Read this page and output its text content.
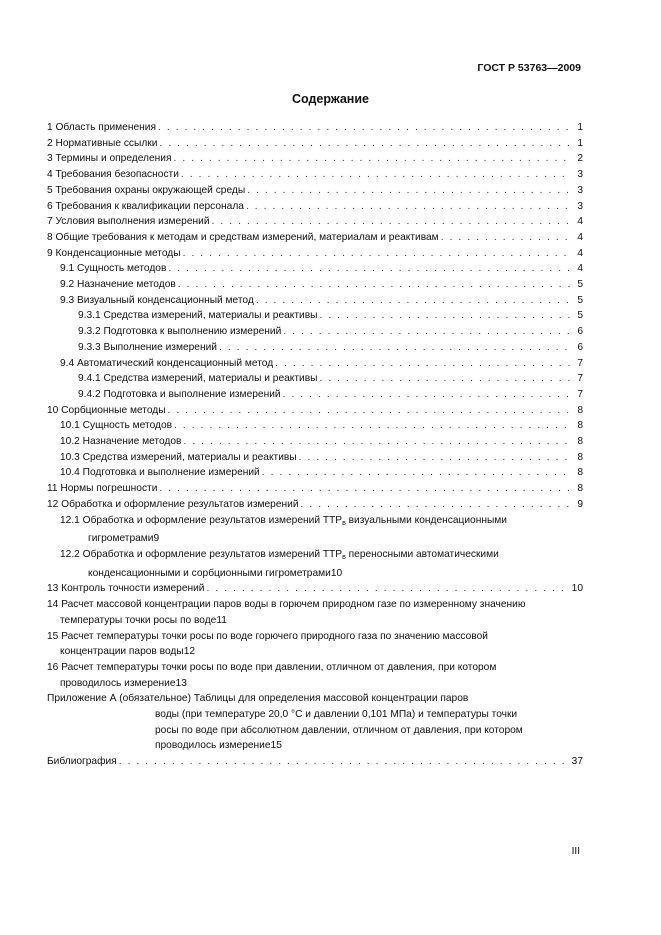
ГОСТ Р 53763—2009
Содержание
1 Область применения . . .	1
2 Нормативные ссылки . . .	1
3 Термины и определения . . .	2
4 Требования безопасности . . .	3
5 Требования охраны окружающей среды . . .	3
6 Требования к квалификации персонала . . .	3
7 Условия выполнения измерений . . .	4
8 Общие требования к методам и средствам измерений, материалам и реактивам . . .	4
9 Конденсационные методы . . .	4
9.1 Сущность методов . . .	4
9.2 Назначение методов . . .	5
9.3 Визуальный конденсационный метод . . .	5
9.3.1 Средства измерений, материалы и реактивы . . .	5
9.3.2 Подготовка к выполнению измерений . . .	6
9.3.3 Выполнение измерений . . .	6
9.4 Автоматический конденсационный метод . . .	7
9.4.1 Средства измерений, материалы и реактивы . . .	7
9.4.2 Подготовка и выполнение измерений . . .	7
10 Сорбционные методы . . .	8
10.1 Сущность методов . . .	8
10.2 Назначение методов . . .	8
10.3 Средства измерений, материалы и реактивы . . .	8
10.4 Подготовка и выполнение измерений . . .	8
11 Нормы погрешности . . .	8
12 Обработка и оформление результатов измерений . . .	9
12.1 Обработка и оформление результатов измерений $ТТР_в$ визуальными конденсационными
гигрометрами 9
12.2 Обработка и оформление результатов измерений $ТТР_в$ переносными автоматическими
конденсационными и сорбционными гигрометрами 10
13 Контроль точности измерений . . .	10
14 Расчет массовой концентрации паров воды в горючем природном газе по измеренному значению
температуры точки росы по воде 11
15 Расчет температуры точки росы по воде горючего природного газа по значению массовой
концентрации паров воды 12
16 Расчет температуры точки росы по воде при давлении, отличном от давления, при котором
проводилось измерение 13
Приложение А (обязательное) Таблицы для определения массовой концентрации паров
воды (при температуре 20,0 °С и давлении 0,101 МПа) и температуры точки
росы по воде при абсолютном давлении, отличном от давления, при котором
проводилось измерение 15
Библиография . . .	37
III
